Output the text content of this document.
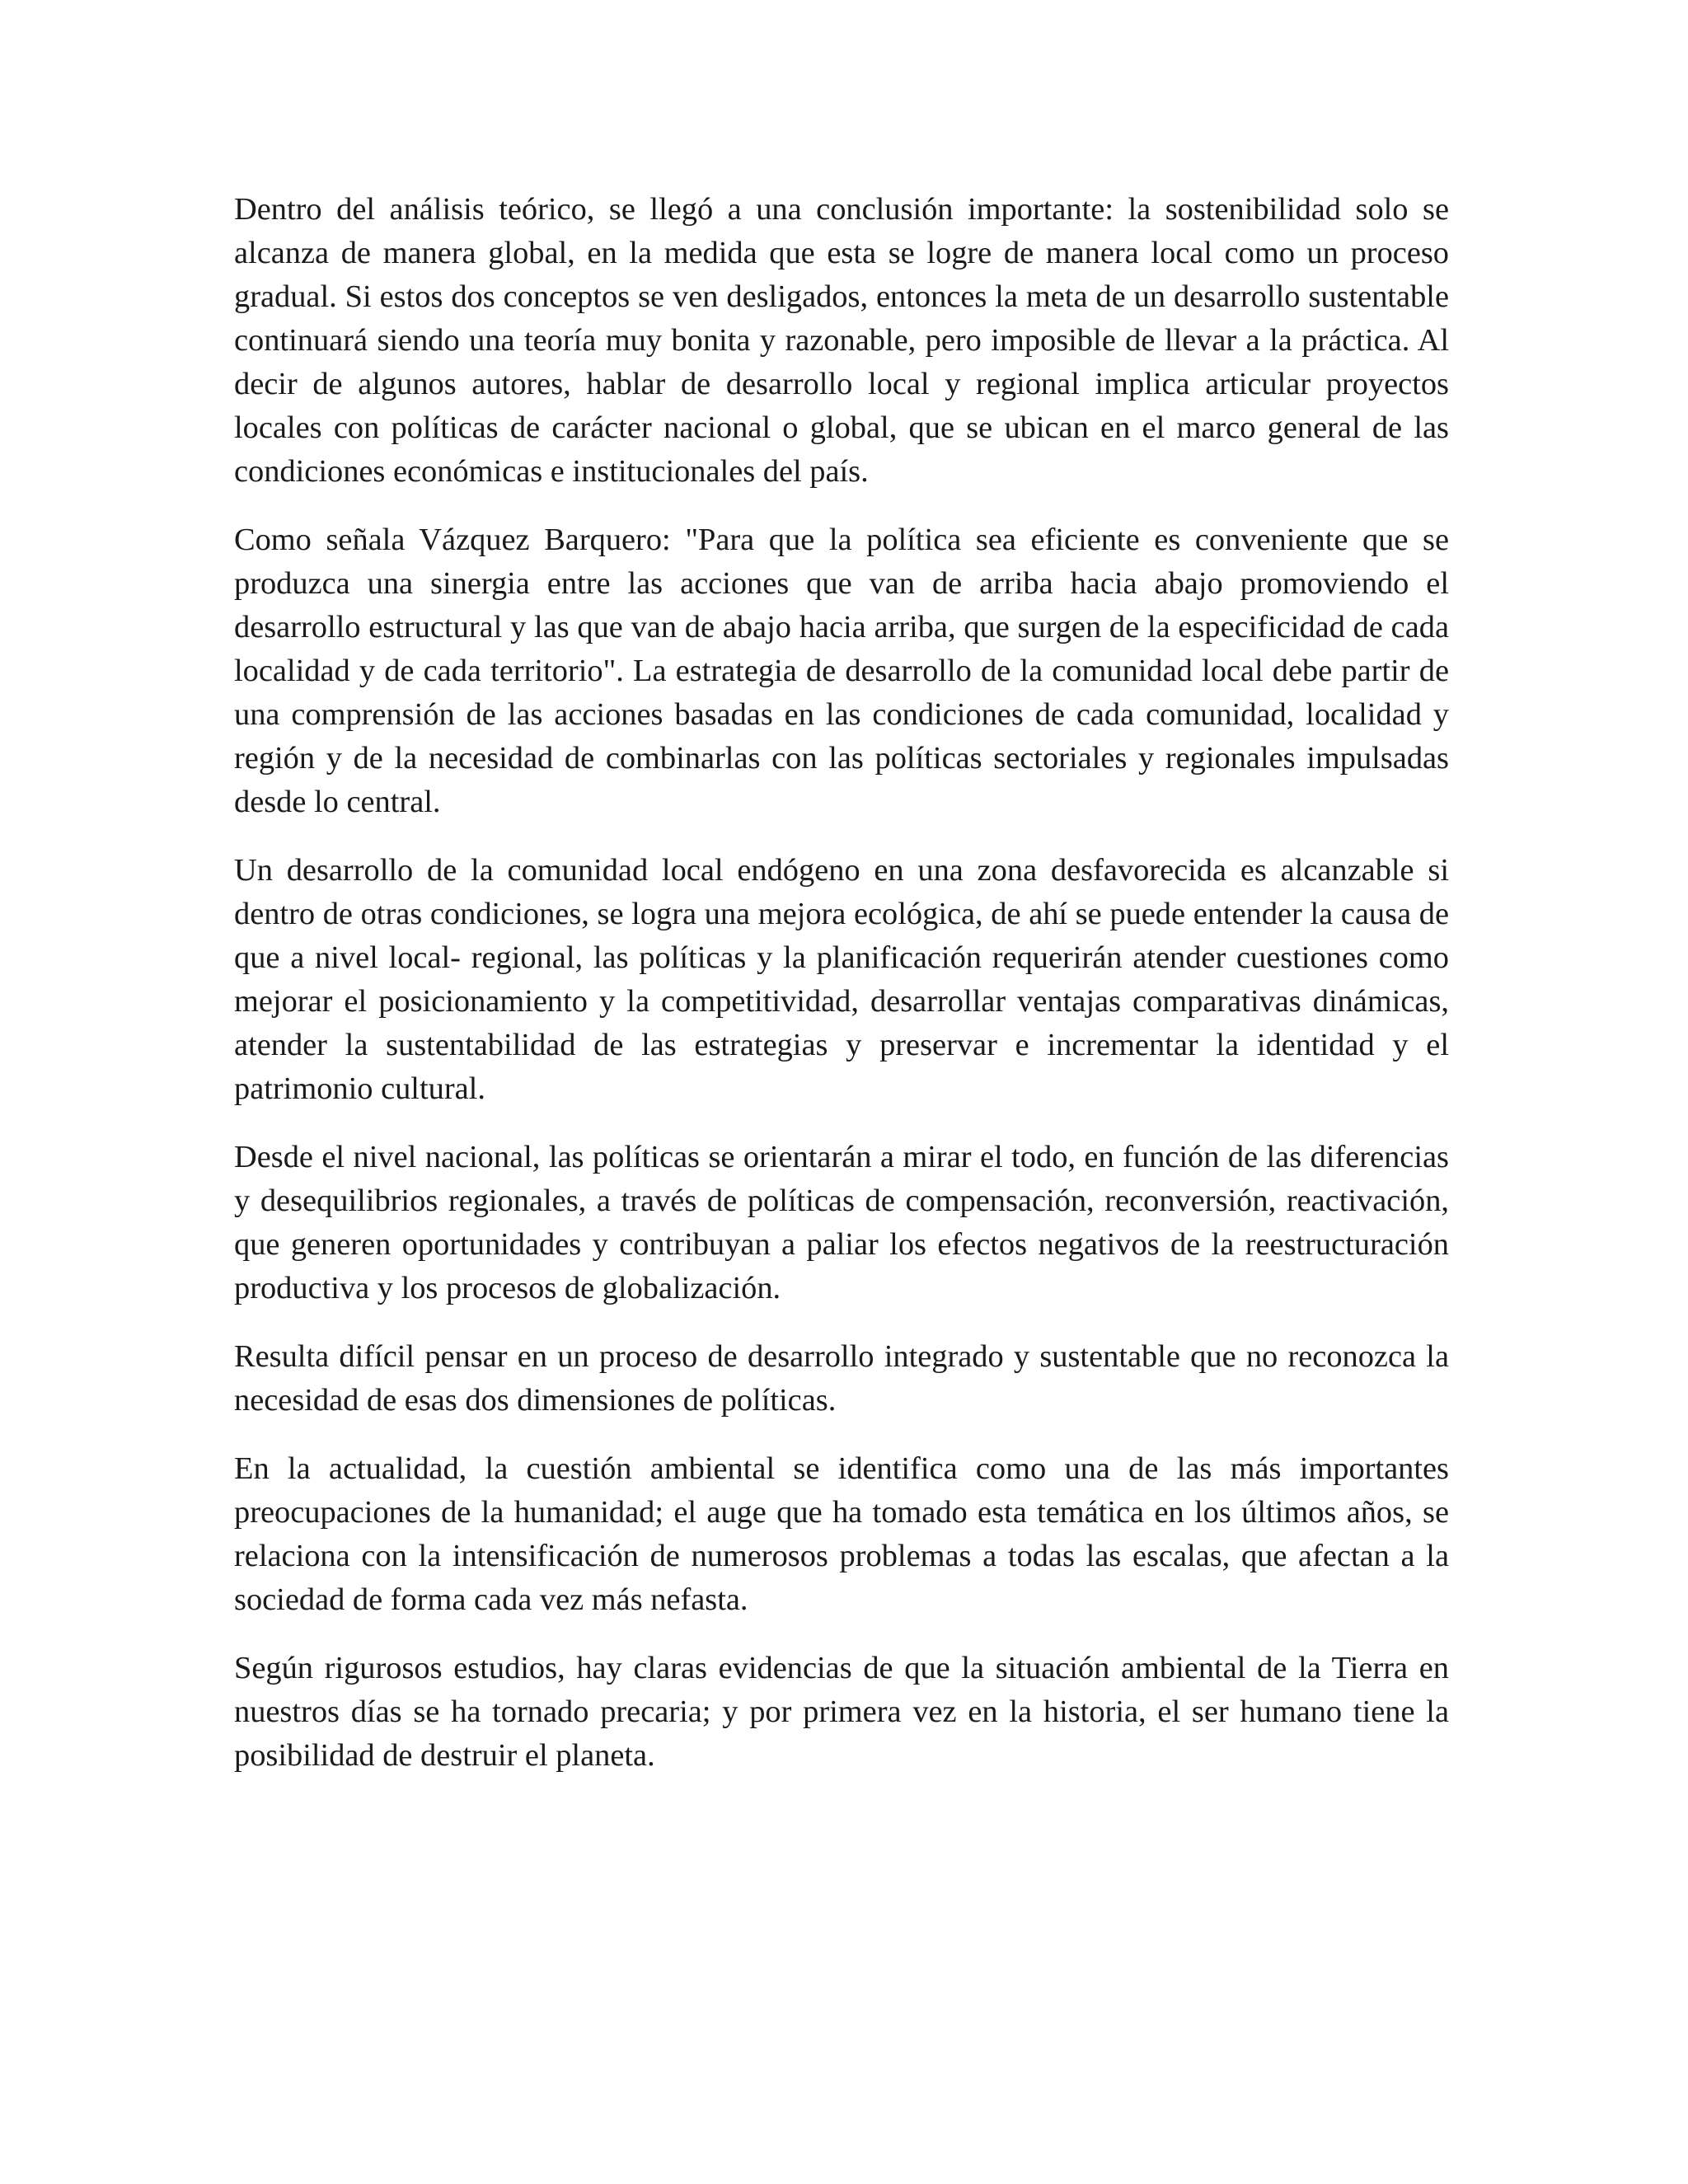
Dentro del análisis teórico, se llegó a una conclusión importante: la sostenibilidad solo se alcanza de manera global, en la medida que esta se logre de manera local como un proceso gradual. Si estos dos conceptos se ven desligados, entonces la meta de un desarrollo sustentable continuará siendo una teoría muy bonita y razonable, pero imposible de llevar a la práctica. Al decir de algunos autores, hablar de desarrollo local y regional implica articular proyectos locales con políticas de carácter nacional o global, que se ubican en el marco general de las condiciones económicas e institucionales del país.

Como señala Vázquez Barquero: "Para que la política sea eficiente es conveniente que se produzca una sinergia entre las acciones que van de arriba hacia abajo promoviendo el desarrollo estructural y las que van de abajo hacia arriba, que surgen de la especificidad de cada localidad y de cada territorio". La estrategia de desarrollo de la comunidad local debe partir de una comprensión de las acciones basadas en las condiciones de cada comunidad, localidad y región y de la necesidad de combinarlas con las políticas sectoriales y regionales impulsadas desde lo central.

Un desarrollo de la comunidad local endógeno en una zona desfavorecida es alcanzable si dentro de otras condiciones, se logra una mejora ecológica, de ahí se puede entender la causa de que a nivel local- regional, las políticas y la planificación requerirán atender cuestiones como mejorar el posicionamiento y la competitividad, desarrollar ventajas comparativas dinámicas, atender la sustentabilidad de las estrategias y preservar e incrementar la identidad y el patrimonio cultural.

Desde el nivel nacional, las políticas se orientarán a mirar el todo, en función de las diferencias y desequilibrios regionales, a través de políticas de compensación, reconversión, reactivación, que generen oportunidades y contribuyan a paliar los efectos negativos de la reestructuración productiva y los procesos de globalización.

Resulta difícil pensar en un proceso de desarrollo integrado y sustentable que no reconozca la necesidad de esas dos dimensiones de políticas.

En la actualidad, la cuestión ambiental se identifica como una de las más importantes preocupaciones de la humanidad; el auge que ha tomado esta temática en los últimos años, se relaciona con la intensificación de numerosos problemas a todas las escalas, que afectan a la sociedad de forma cada vez más nefasta.

Según rigurosos estudios, hay claras evidencias de que la situación ambiental de la Tierra en nuestros días se ha tornado precaria; y por primera vez en la historia, el ser humano tiene la posibilidad de destruir el planeta.
